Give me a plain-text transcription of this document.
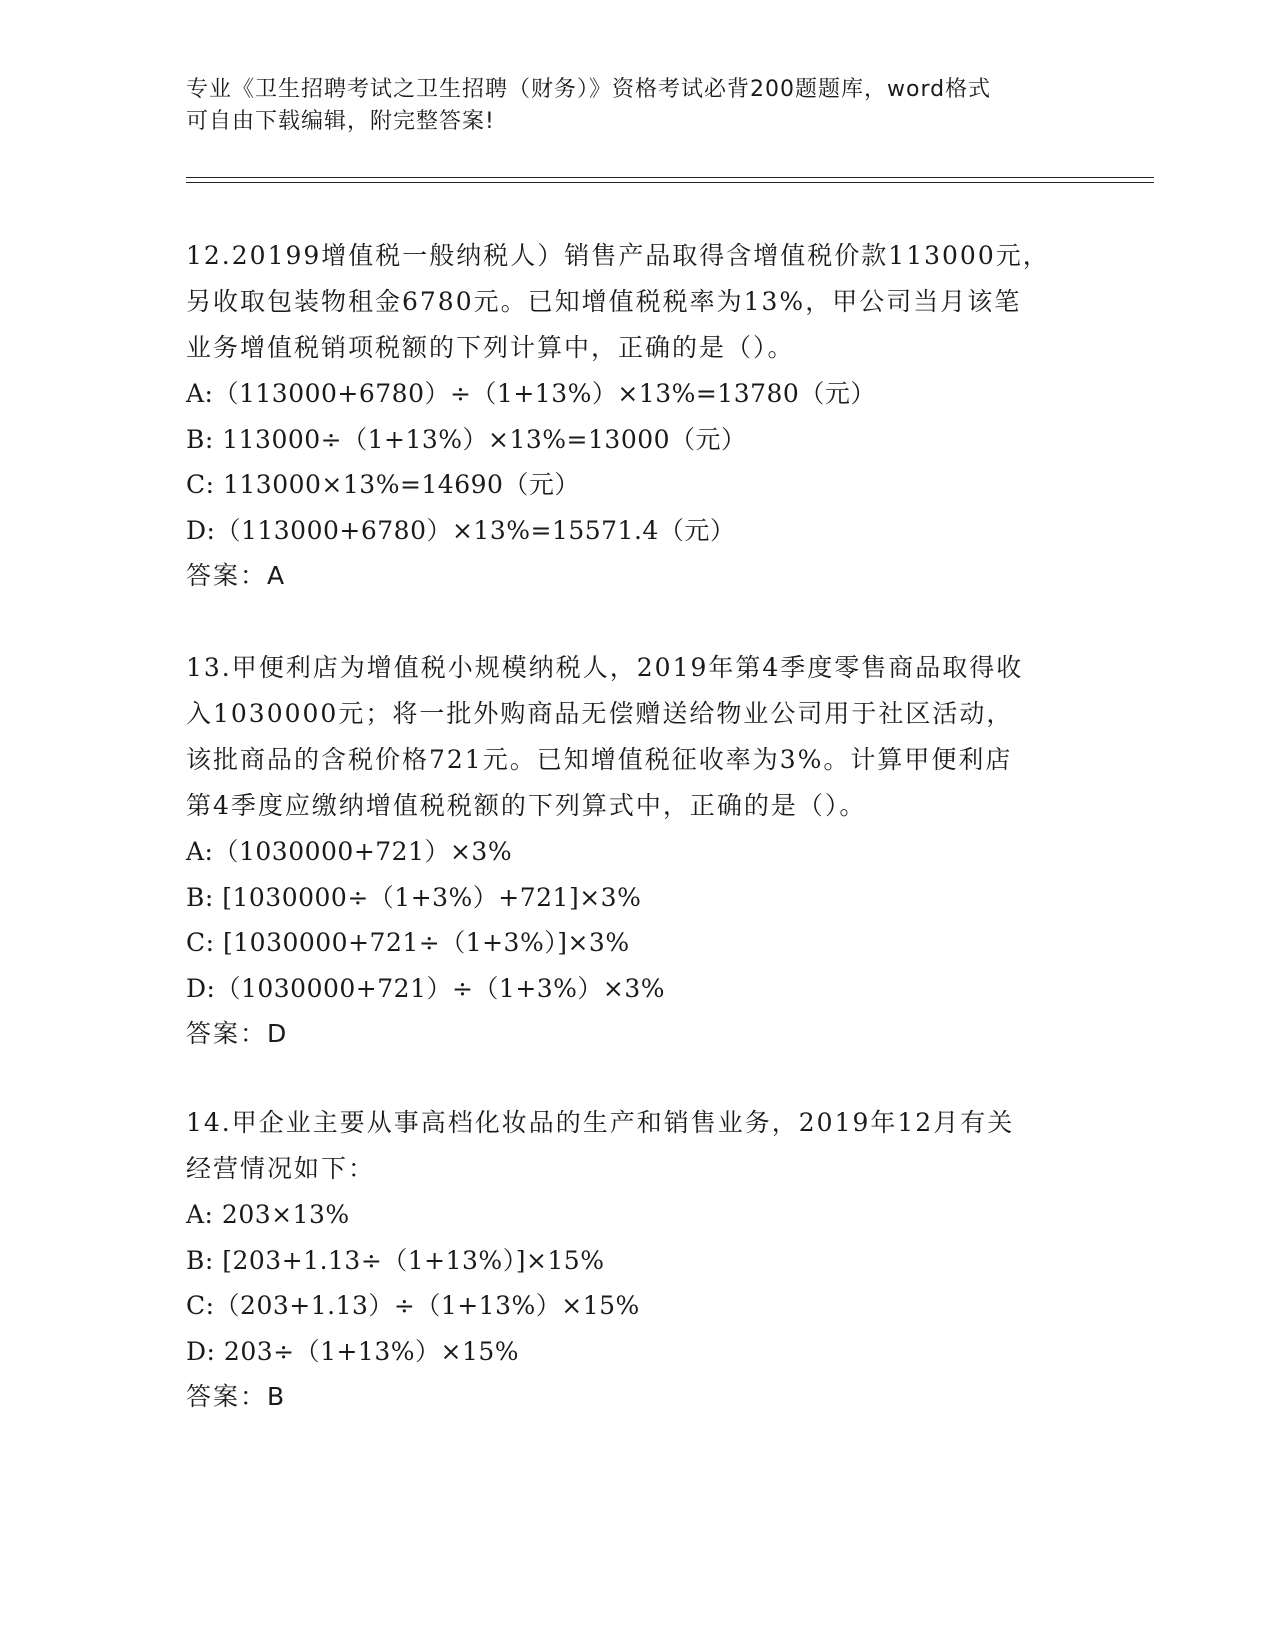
专业《卫生招聘考试之卫生招聘（财务）》资格考试必背200题题库，word格式
可自由下载编辑，附完整答案!
12.20199增值税一般纳税人）销售产品取得含增值税价款113000元，
另收取包装物租金6780元。已知增值税税率为13%，甲公司当月该笔
业务增值税销项税额的下列计算中，正确的是（）。
A:（113000+6780）÷（1+13%）×13%=13780（元）
B: 113000÷（1+13%）×13%=13000（元）
C: 113000×13%=14690（元）
D:（113000+6780）×13%=15571.4（元）
答案：A
13.甲便利店为增值税小规模纳税人，2019年第4季度零售商品取得收
入1030000元；将一批外购商品无偿赠送给物业公司用于社区活动，
该批商品的含税价格721元。已知增值税征收率为3%。计算甲便利店
第4季度应缴纳增值税税额的下列算式中，正确的是（）。
A:（1030000+721）×3%
B: [1030000÷（1+3%）+721]×3%
C: [1030000+721÷（1+3%）]×3%
D:（1030000+721）÷（1+3%）×3%
答案：D
14.甲企业主要从事高档化妆品的生产和销售业务，2019年12月有关
经营情况如下：
A: 203×13%
B: [203+1.13÷（1+13%）]×15%
C:（203+1.13）÷（1+13%）×15%
D: 203÷（1+13%）×15%
答案：B
